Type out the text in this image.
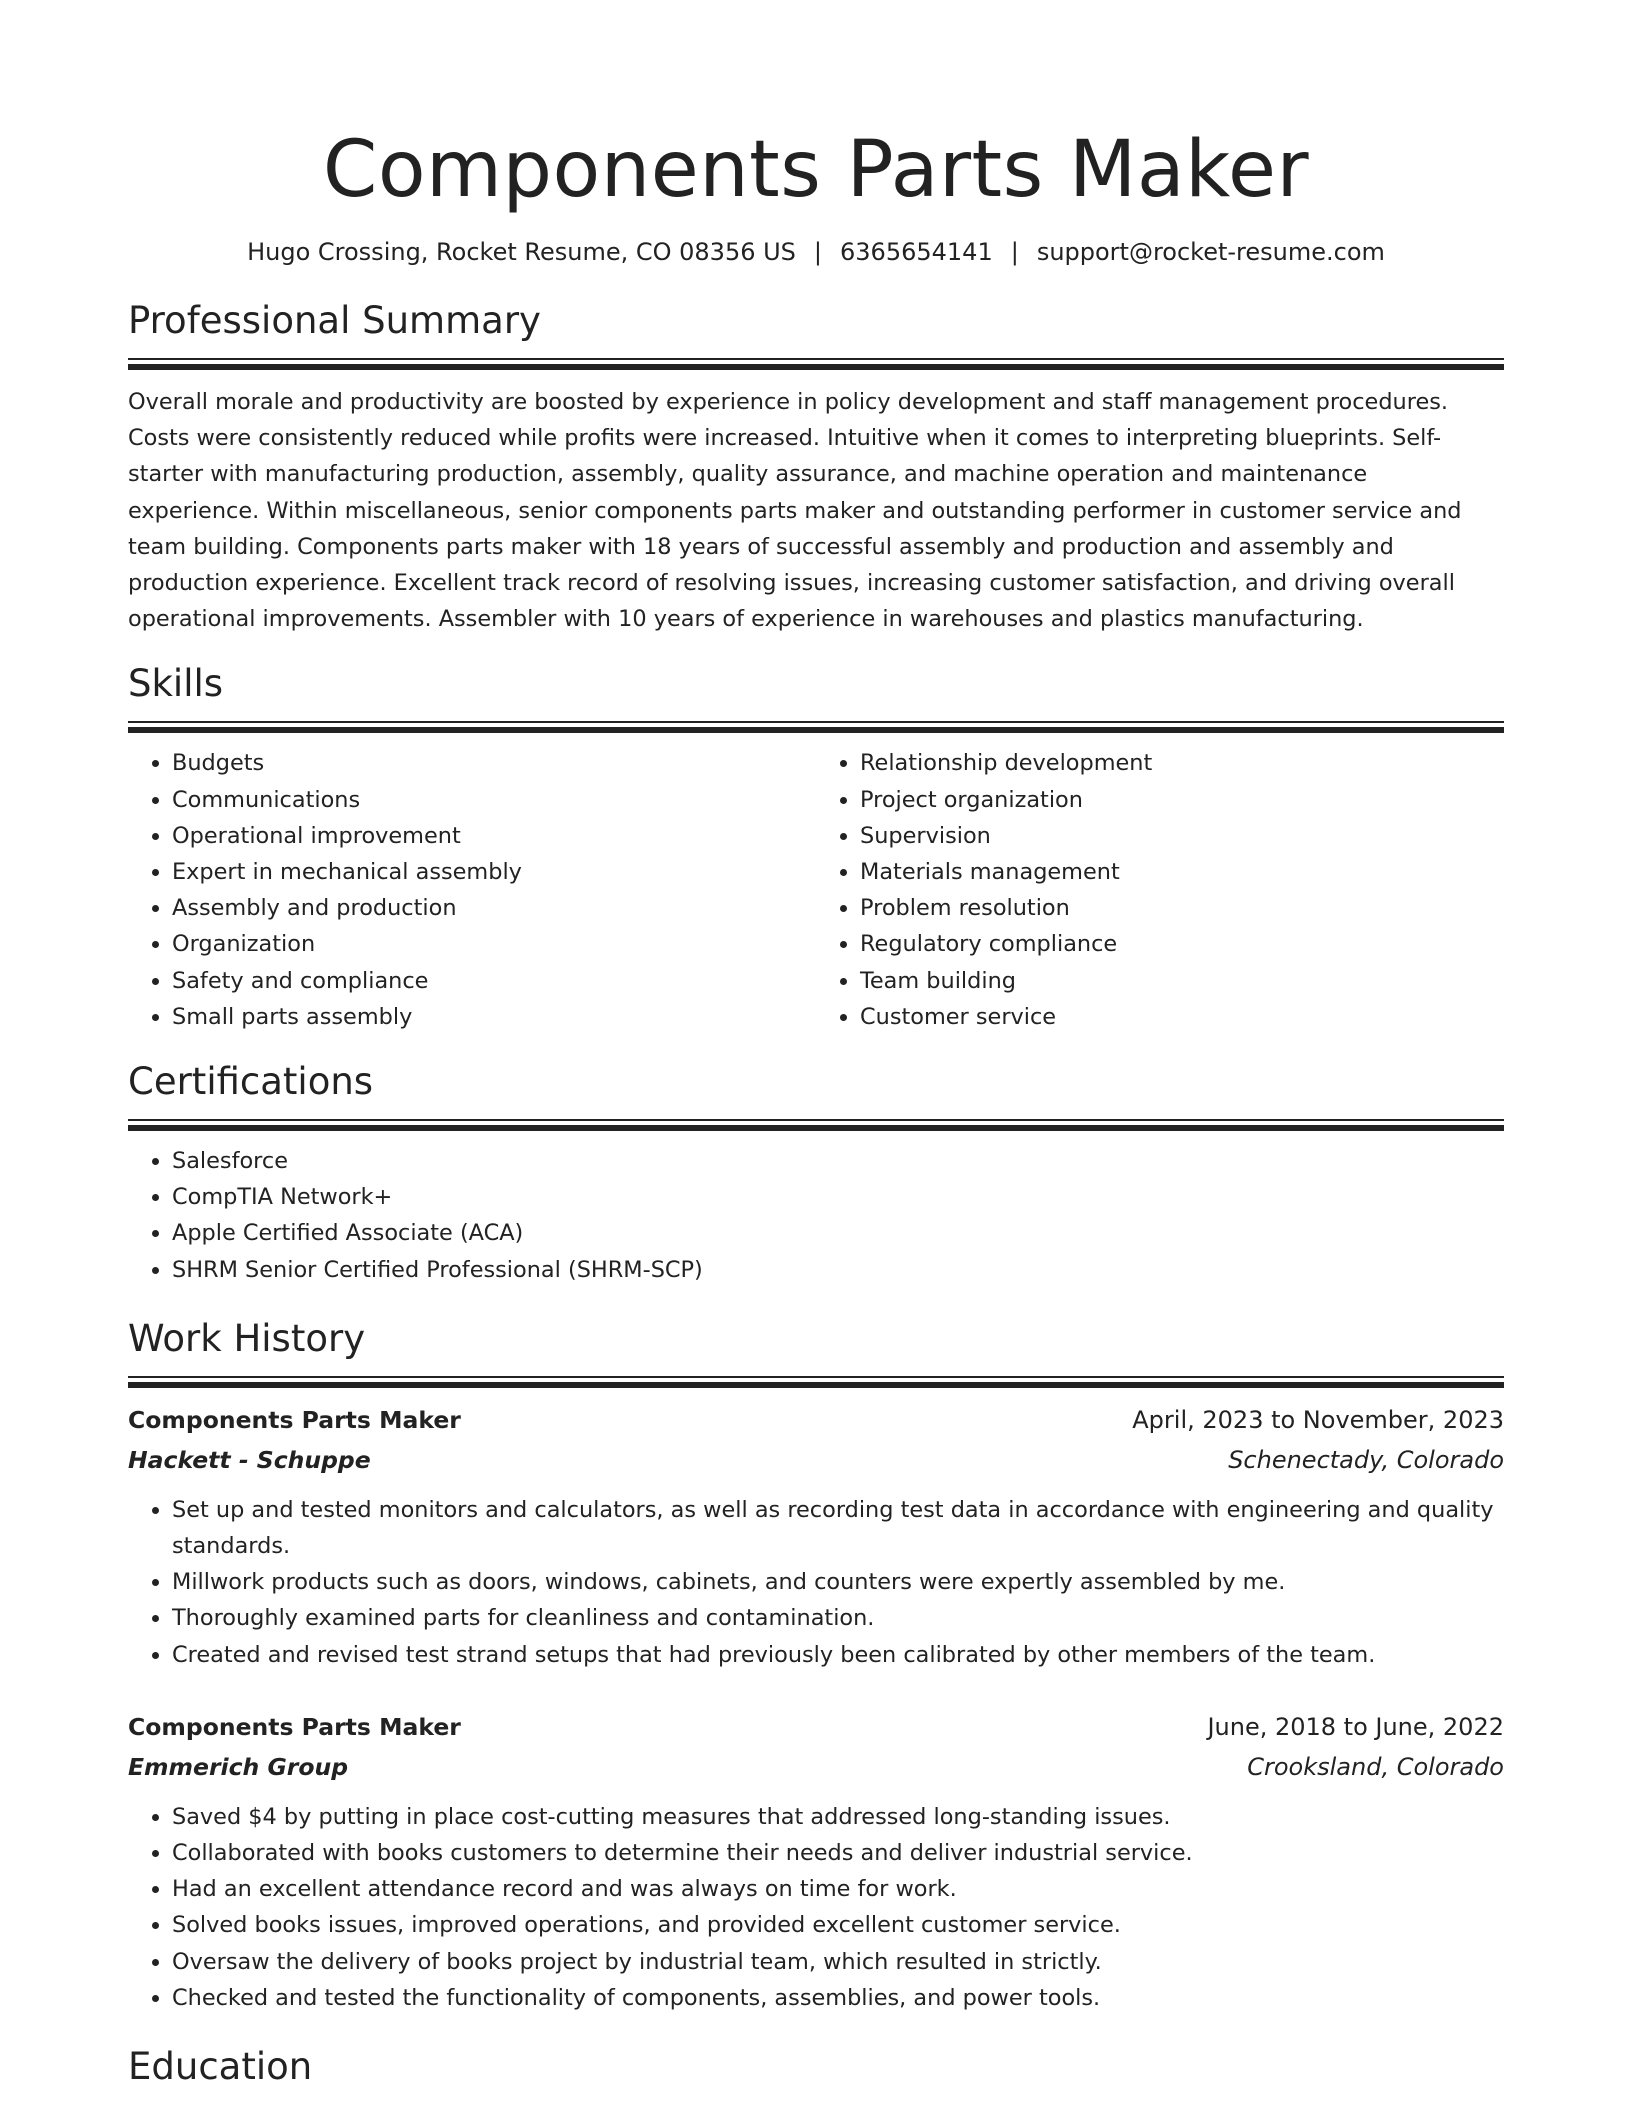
Components Parts Maker
Hugo Crossing, Rocket Resume, CO 08356 US | 6365654141 | support@rocket-resume.com
Professional Summary

Overall morale and productivity are boosted by experience in policy development and staff management procedures. Costs were consistently reduced while profits were increased. Intuitive when it comes to interpreting blueprints. Self-starter with manufacturing production, assembly, quality assurance, and machine operation and maintenance experience. Within miscellaneous, senior components parts maker and outstanding performer in customer service and team building. Components parts maker with 18 years of successful assembly and production and assembly and production experience. Excellent track record of resolving issues, increasing customer satisfaction, and driving overall operational improvements. Assembler with 10 years of experience in warehouses and plastics manufacturing.

Skills
• Budgets
• Communications
• Operational improvement
• Expert in mechanical assembly
• Assembly and production
• Organization
• Safety and compliance
• Small parts assembly
• Relationship development
• Project organization
• Supervision
• Materials management
• Problem resolution
• Regulatory compliance
• Team building
• Customer service
Certifications
• Salesforce
• CompTIA Network+
• Apple Certified Associate (ACA)
• SHRM Senior Certified Professional (SHRM-SCP)
Work History
Components Parts Maker	April, 2023 to November, 2023
Hackett - Schuppe	Schenectady, Colorado
• Set up and tested monitors and calculators, as well as recording test data in accordance with engineering and quality standards.
• Millwork products such as doors, windows, cabinets, and counters were expertly assembled by me.
• Thoroughly examined parts for cleanliness and contamination.
• Created and revised test strand setups that had previously been calibrated by other members of the team.
Components Parts Maker	June, 2018 to June, 2022
Emmerich Group	Crooksland, Colorado
• Saved $4 by putting in place cost-cutting measures that addressed long-standing issues.
• Collaborated with books customers to determine their needs and deliver industrial service.
• Had an excellent attendance record and was always on time for work.
• Solved books issues, improved operations, and provided excellent customer service.
• Oversaw the delivery of books project by industrial team, which resulted in strictly.
• Checked and tested the functionality of components, assemblies, and power tools.
Education
